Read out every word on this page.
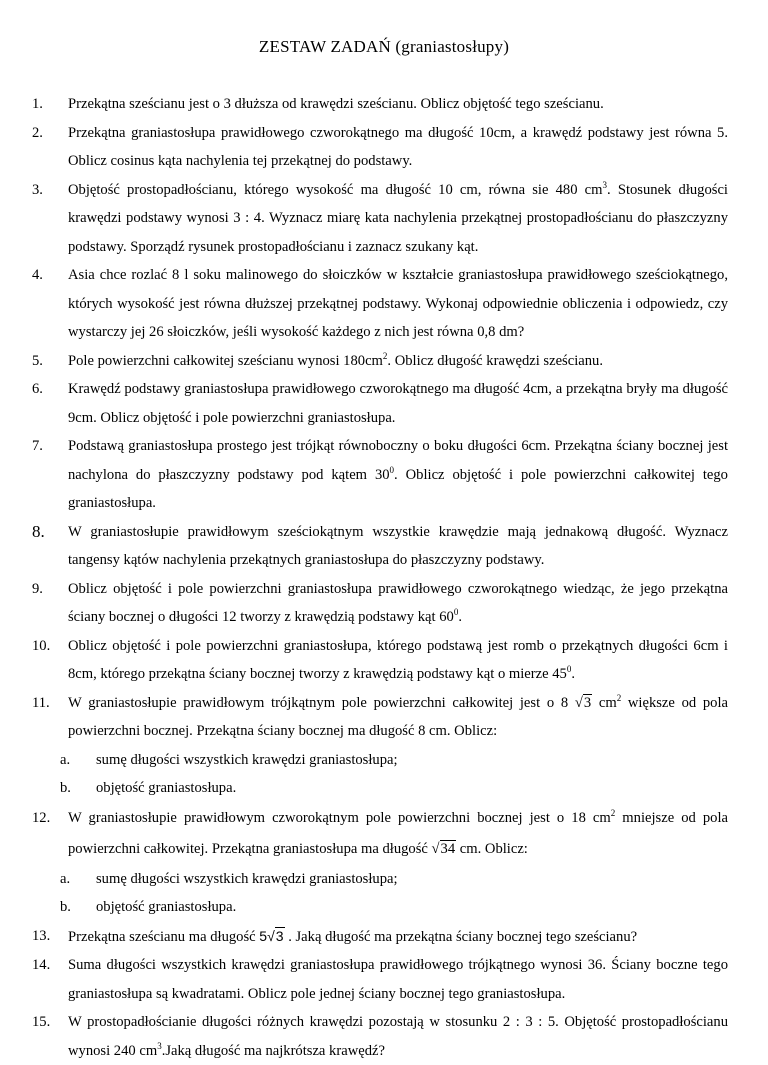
ZESTAW ZADAŃ (graniastosłupy)
1.	Przekątna sześcianu jest o 3 dłuższa od krawędzi sześcianu. Oblicz objętość tego sześcianu.
2.	Przekątna graniastosłupa prawidłowego czworokątnego ma długość 10cm, a krawędź podstawy jest równa 5. Oblicz cosinus kąta nachylenia tej przekątnej do podstawy.
3.	Objętość prostopadłościanu, którego wysokość ma długość 10 cm, równa sie 480 $cm^3$. Stosunek długości krawędzi podstawy wynosi 3 : 4. Wyznacz miarę kata nachylenia przekątnej prostopadłościanu do płaszczyzny podstawy. Sporządź rysunek prostopadłościanu i zaznacz szukany kąt.
4.	Asia chce rozlać 8 l soku malinowego do słoiczków w kształcie graniastosłupa prawidłowego sześciokątnego, których wysokość jest równa dłuższej przekątnej podstawy. Wykonaj odpowiednie obliczenia i odpowiedz, czy wystarczy jej 26 słoiczków, jeśli wysokość każdego z nich jest równa 0,8 dm?
5.	Pole powierzchni całkowitej sześcianu wynosi $180cm^2$. Oblicz długość krawędzi sześcianu.
6.	Krawędź podstawy graniastosłupa prawidłowego czworokątnego ma długość 4cm, a przekątna bryły ma długość 9cm. Oblicz objętość i pole powierzchni graniastosłupa.
7.	Podstawą graniastosłupa prostego jest trójkąt równoboczny o boku długości 6cm. Przekątna ściany bocznej jest nachylona do płaszczyzny podstawy pod kątem $30^0$. Oblicz objętość i pole powierzchni całkowitej tego graniastosłupa.
8.	W graniastosłupie prawidłowym sześciokątnym wszystkie krawędzie mają jednakową długość. Wyznacz tangensy kątów nachylenia przekątnych graniastosłupa do płaszczyzny podstawy.
9.	Oblicz objętość i pole powierzchni graniastosłupa prawidłowego czworokątnego wiedząc, że jego przekątna ściany bocznej o długości 12 tworzy z krawędzią podstawy kąt $60^0$.
10.	Oblicz objętość i pole powierzchni graniastosłupa, którego podstawą jest romb o przekątnych długości 6cm i 8cm, którego przekątna ściany bocznej tworzy z krawędzią podstawy kąt o mierze $45^0$.
11.	W graniastosłupie prawidłowym trójkątnym pole powierzchni całkowitej jest o 8 √3 $cm^2$ większe od pola powierzchni bocznej. Przekątna ściany bocznej ma długość 8 cm. Oblicz:
a. sumę długości wszystkich krawędzi graniastosłupa;
b. objętość graniastosłupa.
12.	W graniastosłupie prawidłowym czworokątnym pole powierzchni bocznej jest o 18 $cm^2$ mniejsze od pola powierzchni całkowitej. Przekątna graniastosłupa ma długość √34 cm. Oblicz:
a. sumę długości wszystkich krawędzi graniastosłupa;
b. objętość graniastosłupa.
13.	Przekątna sześcianu ma długość 5√3 . Jaką długość ma przekątna ściany bocznej tego sześcianu?
14.	Suma długości wszystkich krawędzi graniastosłupa prawidłowego trójkątnego wynosi 36. Ściany boczne tego graniastosłupa są kwadratami. Oblicz pole jednej ściany bocznej tego graniastosłupa.
15.	W prostopadłościanie długości różnych krawędzi pozostają w stosunku 2 : 3 : 5. Objętość prostopadłościanu wynosi 240 $cm^3.Jaką$ długość ma najkrótsza krawędź?
